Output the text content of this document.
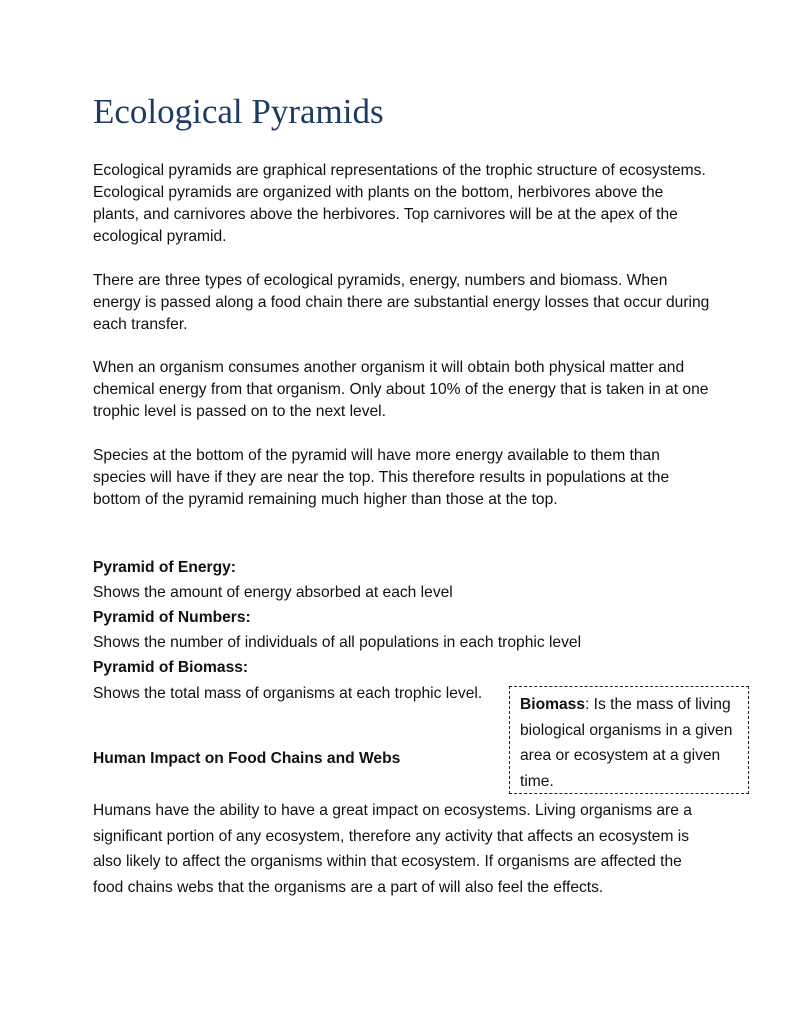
Ecological Pyramids

Ecological pyramids are graphical representations of the trophic structure of ecosystems. Ecological pyramids are organized with plants on the bottom, herbivores above the plants, and carnivores above the herbivores. Top carnivores will be at the apex of the ecological pyramid.

There are three types of ecological pyramids, energy, numbers and biomass. When energy is passed along a food chain there are substantial energy losses that occur during each transfer.

When an organism consumes another organism it will obtain both physical matter and chemical energy from that organism. Only about 10% of the energy that is taken in at one trophic level is passed on to the next level.

Species at the bottom of the pyramid will have more energy available to them than species will have if they are near the top. This therefore results in populations at the bottom of the pyramid remaining much higher than those at the top.

Pyramid of Energy:

Shows the amount of energy absorbed at each level

Pyramid of Numbers:

Shows the number of individuals of all populations in each trophic level

Pyramid of Biomass:

Shows the total mass of organisms at each trophic level.

Biomass: Is the mass of living biological organisms in a given area or ecosystem at a given time.

Human Impact on Food Chains and Webs

Humans have the ability to have a great impact on ecosystems. Living organisms are a significant portion of any ecosystem, therefore any activity that affects an ecosystem is also likely to affect the organisms within that ecosystem. If organisms are affected the food chains webs that the organisms are a part of will also feel the effects.
